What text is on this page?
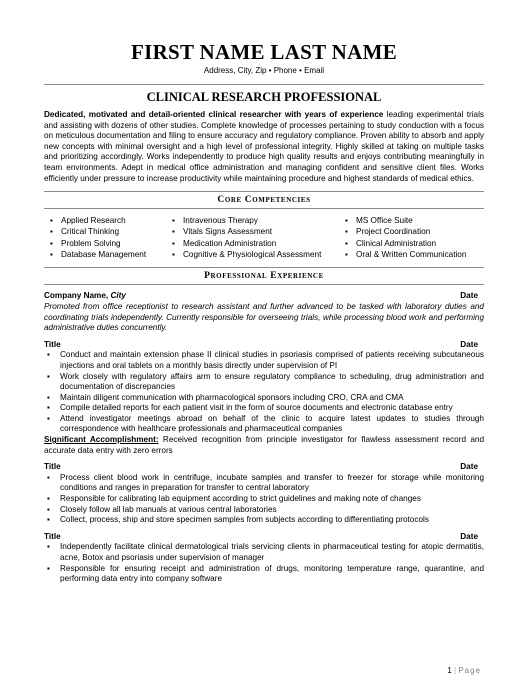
FIRST NAME LAST NAME
Address, City, Zip • Phone • Email
CLINICAL RESEARCH PROFESSIONAL
Dedicated, motivated and detail-oriented clinical researcher with years of experience leading experimental trials and assisting with dozens of other studies. Complete knowledge of processes pertaining to study conduction with a focus on meticulous documentation and filing to ensure accuracy and regulatory compliance. Proven ability to absorb and apply new concepts with minimal oversight and a high level of professional integrity. Highly skilled at taking on multiple tasks and prioritizing accordingly. Works independently to produce high quality results and enjoys contributing meaningfully in team environments. Adept in medical office administration and managing confident and sensitive client files. Works efficiently under pressure to increase productivity while maintaining procedure and highest standards of medical ethics.
Core Competencies
▪ Applied Research
▪ Critical Thinking
▪ Problem Solving
▪ Database Management
▪ Intravenous Therapy
▪ Vitals Signs Assessment
▪ Medication Administration
▪ Cognitive & Physiological Assessment
▪ MS Office Suite
▪ Project Coordination
▪ Clinical Administration
▪ Oral & Written Communication
Professional Experience
Company Name, City	Date
Promoted from office receptionist to research assistant and further advanced to be tasked with laboratory duties and coordinating trials independently. Currently responsible for overseeing trials, while processing blood work and performing administrative duties concurrently.
Title	Date
▪ Conduct and maintain extension phase II clinical studies in psoriasis comprised of patients receiving subcutaneous injections and oral tablets on a monthly basis directly under supervision of PI
▪ Work closely with regulatory affairs arm to ensure regulatory compliance to scheduling, drug administration and documentation of discrepancies
▪ Maintain diligent communication with pharmacological sponsors including CRO, CRA and CMA
▪ Compile detailed reports for each patient visit in the form of source documents and electronic database entry
▪ Attend investigator meetings abroad on behalf of the clinic to acquire latest updates to studies through correspondence with healthcare professionals and pharmaceutical companies
Significant Accomplishment: Received recognition from principle investigator for flawless assessment record and accurate data entry with zero errors
Title	Date
▪ Process client blood work in centrifuge, incubate samples and transfer to freezer for storage while monitoring conditions and ranges in preparation for transfer to central laboratory
▪ Responsible for calibrating lab equipment according to strict guidelines and making note of changes
▪ Closely follow all lab manuals at various central laboratories
▪ Collect, process, ship and store specimen samples from subjects according to differentiating protocols
Title	Date
▪ Independently facilitate clinical dermatological trials servicing clients in pharmaceutical testing for atopic dermatitis, acne, Botox and psoriasis under supervision of manager
▪ Responsible for ensuring receipt and administration of drugs, monitoring temperature range, quarantine, and performing data entry into company software
1 | Page
